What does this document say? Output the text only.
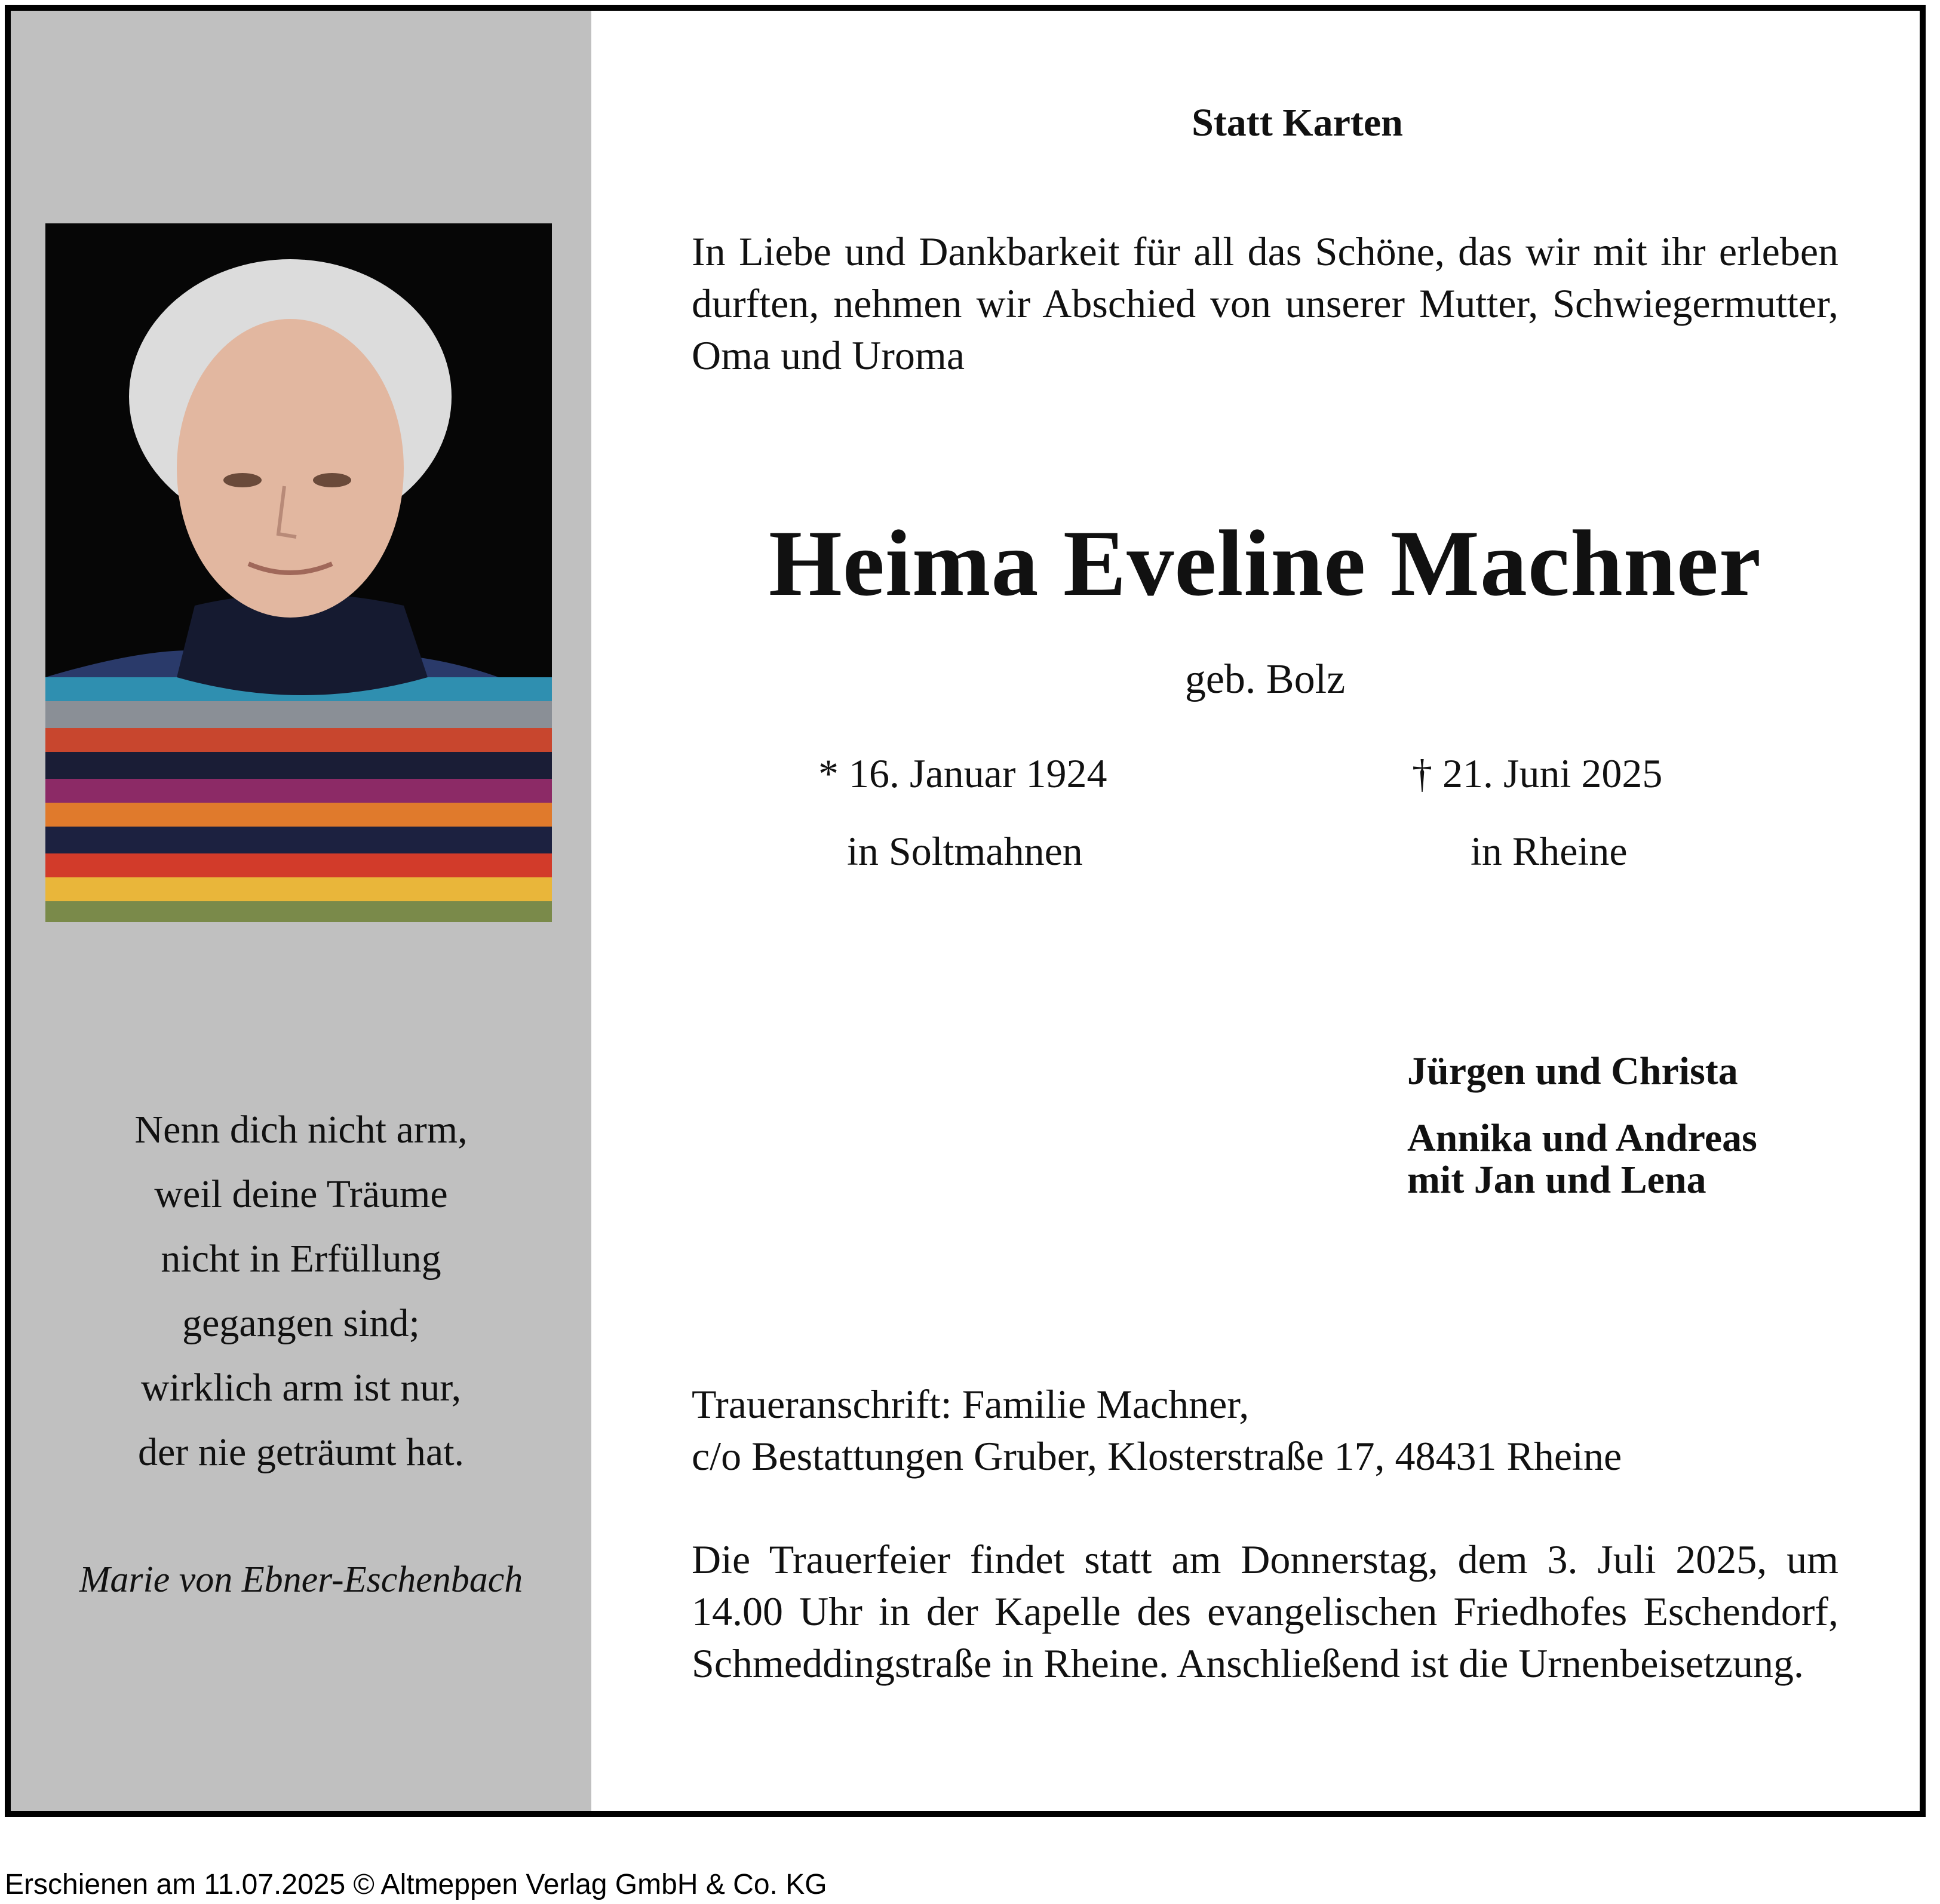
Nenn dich nicht arm,
weil deine Träume
nicht in Erfüllung
gegangen sind;
wirklich arm ist nur,
der nie geträumt hat.
Marie von Ebner-Eschenbach
Statt Karten
In Liebe und Dankbarkeit für all das Schöne, das wir mit ihr erleben durften, nehmen wir Abschied von unserer Mutter, Schwiegermutter, Oma und Uroma
Heima Eveline Machner
geb. Bolz
* 16. Januar 1924
in Soltmahnen
† 21. Juni 2025
in Rheine
Jürgen und Christa
Annika und Andreas
mit Jan und Lena
Traueranschrift: Familie Machner,
c/o Bestattungen Gruber, Klosterstraße 17, 48431 Rheine
Die Trauerfeier findet statt am Donnerstag, dem 3. Juli 2025, um 14.00 Uhr in der Kapelle des evangelischen Friedhofes Eschendorf, Schmeddingstraße in Rheine. Anschließend ist die Urnenbeisetzung.
Erschienen am 11.07.2025 © Altmeppen Verlag GmbH & Co. KG
